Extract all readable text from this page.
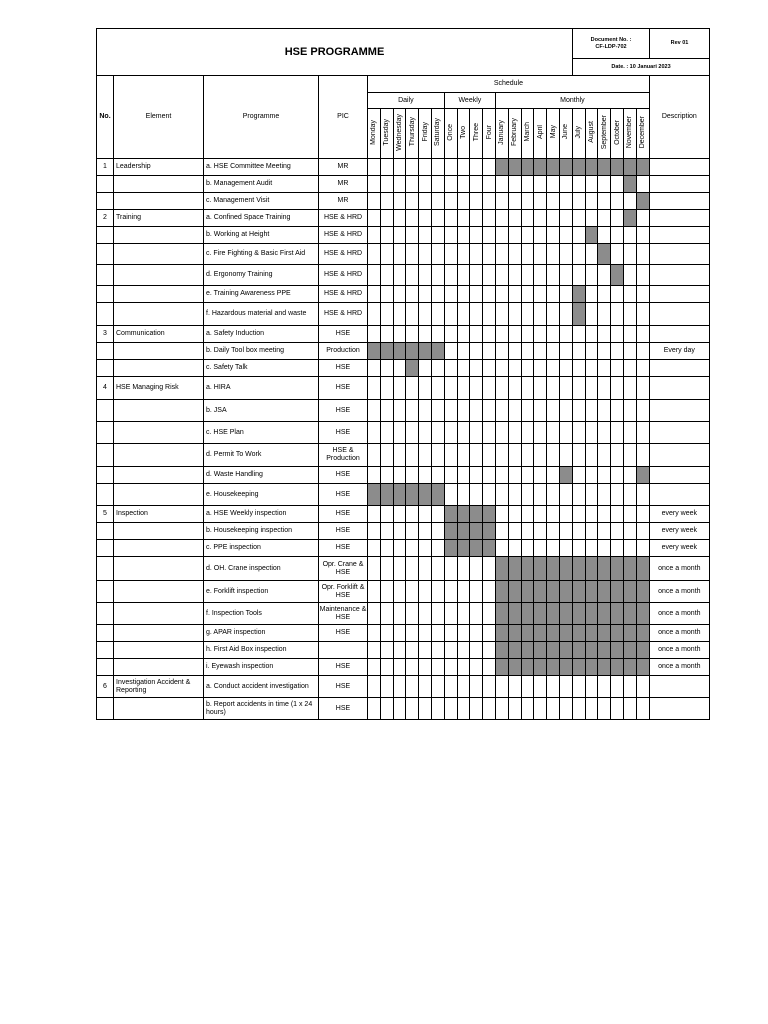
HSE PROGRAMME	
Document No. :
CF-LDP-702
	Rev 01
Date. : 10 Januari 2023
No.	Element	Programme	PIC	Schedule																						Description
				Daily						Weekly				Monthly												
				Monday	Tuesday	Wednesday	Thursday	Friday	Saturday	Once	Two	Three	Four	January	February	March	April	May	June	July	August	September	October	November	December	
1	Leadership	a. HSE Committee Meeting	MR																							
		b. Management Audit	MR																							
		c. Management Visit	MR																							
2	Training	a. Confined Space Training	HSE & HRD																							
		b. Working at Height	HSE & HRD																							
		c. Fire Fighting & Basic First Aid	HSE & HRD																							
		d. Ergonomy Training	HSE & HRD																							
		e. Training Awareness PPE	HSE & HRD																							
		f. Hazardous material and waste	HSE & HRD																							
3	Communication	a. Safety Induction	HSE																							
		b. Daily Tool box meeting	Production																							Every day
		c. Safety Talk	HSE																							
4	HSE Managing Risk	a. HIRA	HSE																							
		b. JSA	HSE																							
		c. HSE Plan	HSE																							
		d. Permit To Work	HSE & Production																							
		d. Waste Handling	HSE																							
		e. Housekeeping	HSE																							
5	Inspection	a. HSE Weekly inspection	HSE																							every week
		b. Housekeeping inspection	HSE																							every week
		c. PPE inspection	HSE																							every week
		d. OH. Crane inspection	Opr. Crane & HSE																							once a month
		e. Forklift inspection	Opr. Forklift & HSE																							once a month
		f. Inspection Tools	Maintenance & HSE																							once a month
		g. APAR inspection	HSE																							once a month
		h. First Aid Box inspection																								once a month
		i. Eyewash inspection	HSE																							once a month
6	Investigation Accident & Reporting	a. Conduct accident investigation	HSE																							
		b. Report accidents in time (1 x 24 hours)	HSE																							
